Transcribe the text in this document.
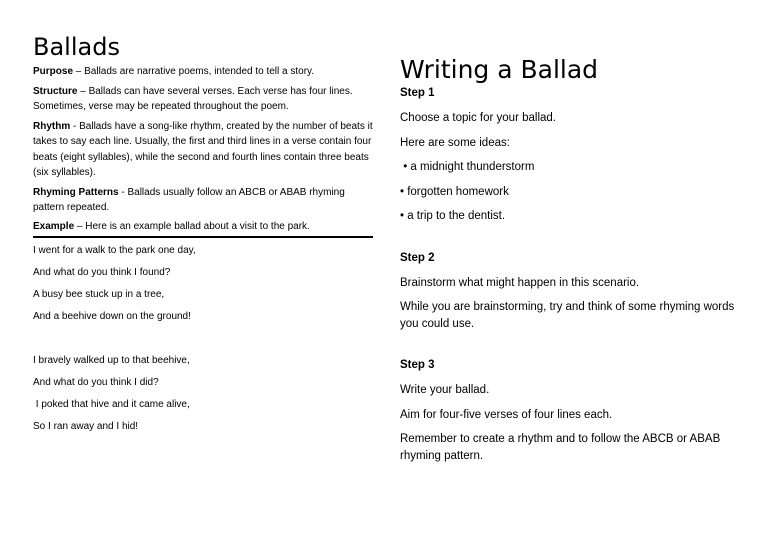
Ballads

Purpose – Ballads are narrative poems, intended to tell a story.

Structure – Ballads can have several verses. Each verse has four lines. Sometimes, verse may be repeated throughout the poem.

Rhythm - Ballads have a song-like rhythm, created by the number of beats it takes to say each line. Usually, the first and third lines in a verse contain four beats (eight syllables), while the second and fourth lines contain three beats (six syllables).

Rhyming Patterns - Ballads usually follow an ABCB or ABAB rhyming pattern repeated.

Example – Here is an example ballad about a visit to the park.

I went for a walk to the park one day,

And what do you think I found?

A busy bee stuck up in a tree,

And a beehive down on the ground!

I bravely walked up to that beehive,

And what do you think I did?

I poked that hive and it came alive,

So I ran away and I hid!

Writing a Ballad

Step 1

Choose a topic for your ballad.

Here are some ideas:

• a midnight thunderstorm

• forgotten homework

• a trip to the dentist.

Step 2

Brainstorm what might happen in this scenario.

While you are brainstorming, try and think of some rhyming words you could use.

Step 3

Write your ballad.

Aim for four-five verses of four lines each.

Remember to create a rhythm and to follow the ABCB or ABAB rhyming pattern.
